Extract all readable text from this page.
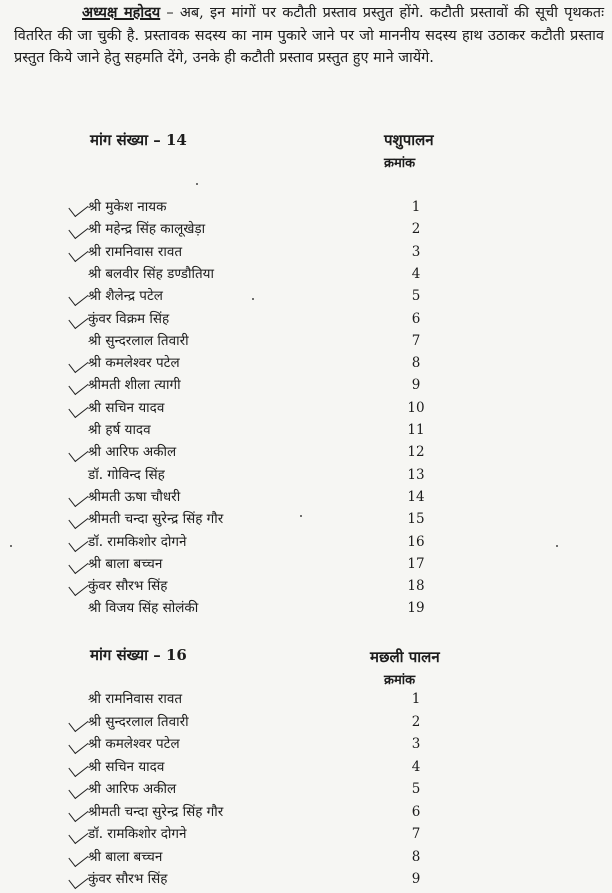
अध्यक्ष महोदय – अब, इन मांगों पर कटौती प्रस्ताव प्रस्तुत होंगे. कटौती प्रस्तावों की सूची पृथकतः वितरित की जा चुकी है. प्रस्तावक सदस्य का नाम पुकारे जाने पर जो माननीय सदस्य हाथ उठाकर कटौती प्रस्ताव प्रस्तुत किये जाने हेतु सहमति देंगे, उनके ही कटौती प्रस्ताव प्रस्तुत हुए माने जायेंगे.
मांग संख्या – 14	पशुपालन
क्रमांक
श्री मुकेश नायक	1
श्री महेन्द्र सिंह कालूखेड़ा	2
श्री रामनिवास रावत	3
श्री बलवीर सिंह डण्डौतिया	4
श्री शैलेन्द्र पटेल	5
कुंवर विक्रम सिंह	6
श्री सुन्दरलाल तिवारी	7
श्री कमलेश्वर पटेल	8
श्रीमती शीला त्यागी	9
श्री सचिन यादव	10
श्री हर्ष यादव	11
श्री आरिफ अकील	12
डॉ. गोविन्द सिंह	13
श्रीमती ऊषा चौधरी	14
श्रीमती चन्दा सुरेन्द्र सिंह गौर	15
डॉ. रामकिशोर दोगने	16
श्री बाला बच्चन	17
कुंवर सौरभ सिंह	18
श्री विजय सिंह सोलंकी	19
मांग संख्या – 16	मछली पालन
क्रमांक
श्री रामनिवास रावत	1
श्री सुन्दरलाल तिवारी	2
श्री कमलेश्वर पटेल	3
श्री सचिन यादव	4
श्री आरिफ अकील	5
श्रीमती चन्दा सुरेन्द्र सिंह गौर	6
डॉ. रामकिशोर दोगने	7
श्री बाला बच्चन	8
कुंवर सौरभ सिंह	9
